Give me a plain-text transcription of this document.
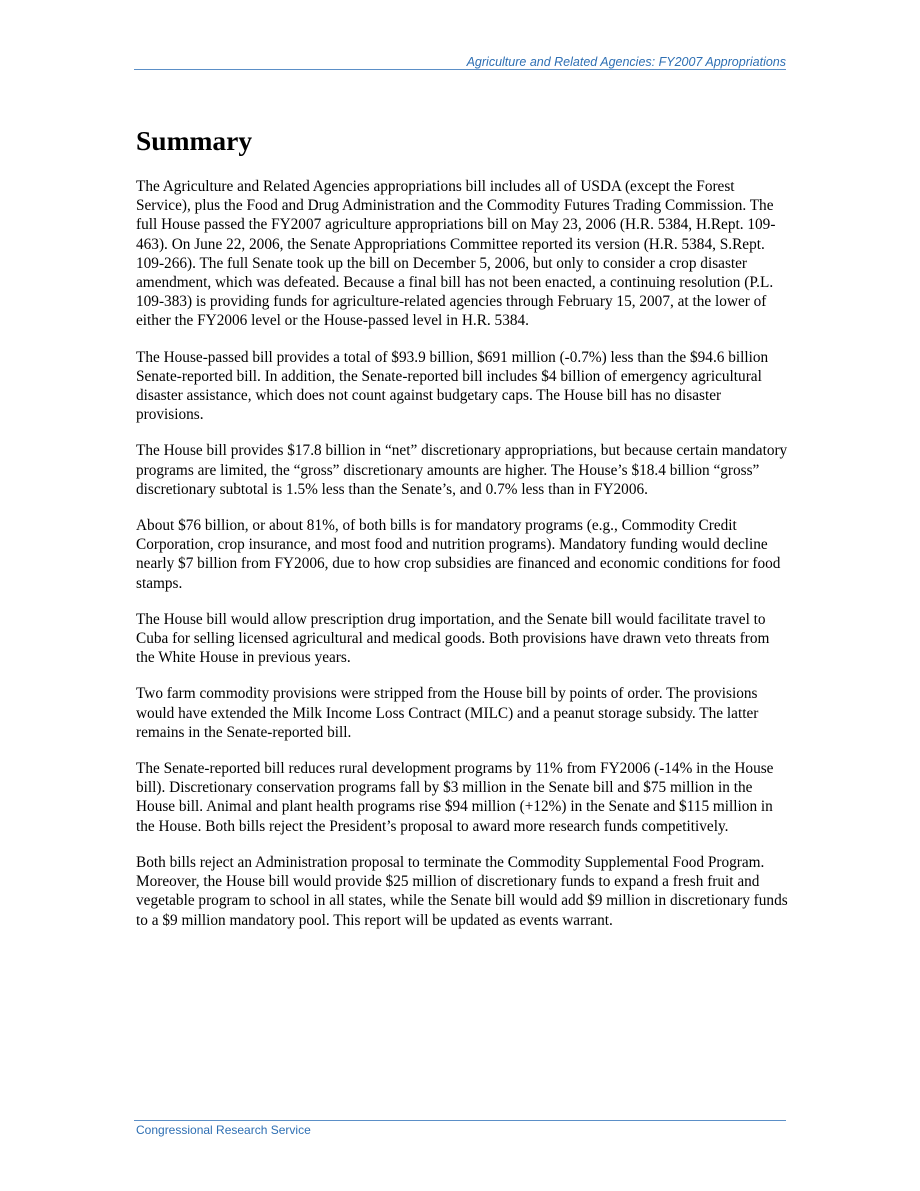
Agriculture and Related Agencies: FY2007 Appropriations
Summary

The Agriculture and Related Agencies appropriations bill includes all of USDA (except the Forest Service), plus the Food and Drug Administration and the Commodity Futures Trading Commission. The full House passed the FY2007 agriculture appropriations bill on May 23, 2006 (H.R. 5384, H.Rept. 109-463). On June 22, 2006, the Senate Appropriations Committee reported its version (H.R. 5384, S.Rept. 109-266). The full Senate took up the bill on December 5, 2006, but only to consider a crop disaster amendment, which was defeated. Because a final bill has not been enacted, a continuing resolution (P.L. 109-383) is providing funds for agriculture-related agencies through February 15, 2007, at the lower of either the FY2006 level or the House-passed level in H.R. 5384.

The House-passed bill provides a total of $93.9 billion, $691 million (-0.7%) less than the $94.6 billion Senate-reported bill. In addition, the Senate-reported bill includes $4 billion of emergency agricultural disaster assistance, which does not count against budgetary caps. The House bill has no disaster provisions.

The House bill provides $17.8 billion in “net” discretionary appropriations, but because certain mandatory programs are limited, the “gross” discretionary amounts are higher. The House’s $18.4 billion “gross” discretionary subtotal is 1.5% less than the Senate’s, and 0.7% less than in FY2006.

About $76 billion, or about 81%, of both bills is for mandatory programs (e.g., Commodity Credit Corporation, crop insurance, and most food and nutrition programs). Mandatory funding would decline nearly $7 billion from FY2006, due to how crop subsidies are financed and economic conditions for food stamps.

The House bill would allow prescription drug importation, and the Senate bill would facilitate travel to Cuba for selling licensed agricultural and medical goods. Both provisions have drawn veto threats from the White House in previous years.

Two farm commodity provisions were stripped from the House bill by points of order. The provisions would have extended the Milk Income Loss Contract (MILC) and a peanut storage subsidy. The latter remains in the Senate-reported bill.

The Senate-reported bill reduces rural development programs by 11% from FY2006 (-14% in the House bill). Discretionary conservation programs fall by $3 million in the Senate bill and $75 million in the House bill. Animal and plant health programs rise $94 million (+12%) in the Senate and $115 million in the House. Both bills reject the President’s proposal to award more research funds competitively.

Both bills reject an Administration proposal to terminate the Commodity Supplemental Food Program. Moreover, the House bill would provide $25 million of discretionary funds to expand a fresh fruit and vegetable program to school in all states, while the Senate bill would add $9 million in discretionary funds to a $9 million mandatory pool. This report will be updated as events warrant.

Congressional Research Service
